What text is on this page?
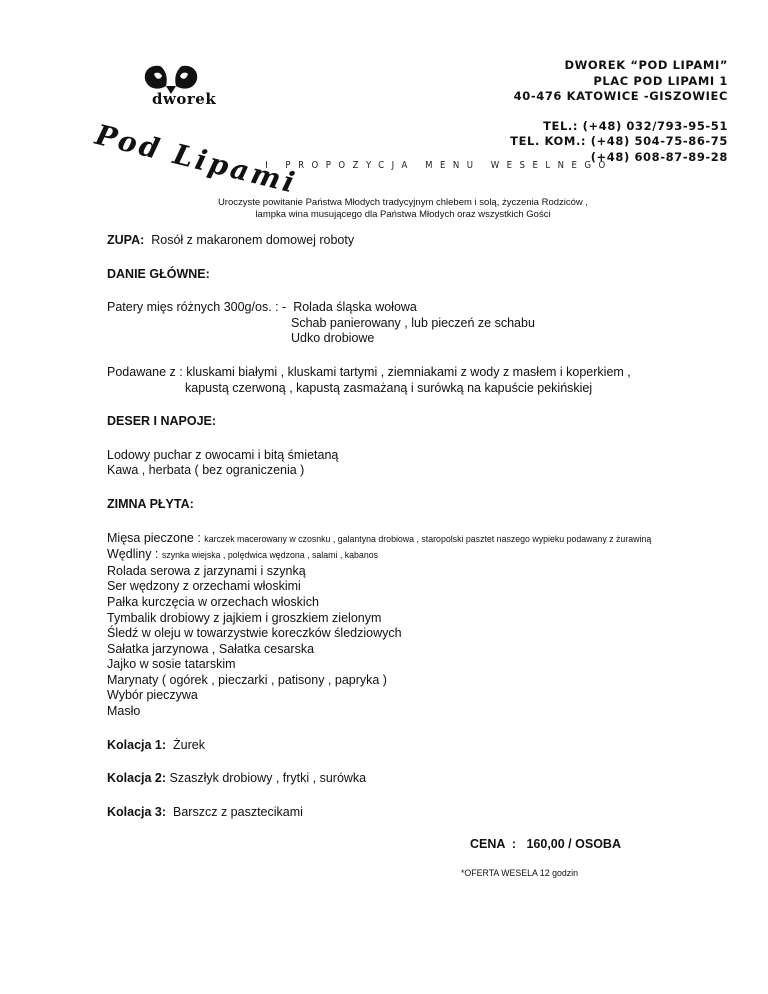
dworek
Pod Lipami
DWOREK “POD LIPAMI”
PLAC POD LIPAMI 1
40-476 KATOWICE -GISZOWIEC
TEL.: (+48) 032/793-95-51
TEL. KOM.: (+48) 504-75-86-75
(+48) 608-87-89-28
I PROPOZYCJA MENU WESELNEGO
Uroczyste powitanie Państwa Młodych tradycyjnym chlebem i solą, życzenia Rodziców ,
lampka wina musującego dla Państwa Młodych oraz wszystkich Gości
ZUPA: Rosół z makaronem domowej roboty
DANIE GŁÓWNE:
Patery mięs różnych 300g/os. : - Rolada śląska wołowa
Schab panierowany , lub pieczeń ze schabu
Udko drobiowe
Podawane z : kluskami białymi , kluskami tartymi , ziemniakami z wody z masłem i koperkiem ,
kapustą czerwoną , kapustą zasmażaną i surówką na kapuście pekińskiej
DESER I NAPOJE:
Lodowy puchar z owocami i bitą śmietaną
Kawa , herbata ( bez ograniczenia )
ZIMNA PŁYTA:
Mięsa pieczone : karczek macerowany w czosnku , galantyna drobiowa , staropolski pasztet naszego wypieku podawany z żurawiną
Wędliny : szynka wiejska , polędwica wędzona , salami , kabanos
Rolada serowa z jarzynami i szynką
Ser wędzony z orzechami włoskimi
Pałka kurczęcia w orzechach włoskich
Tymbalik drobiowy z jajkiem i groszkiem zielonym
Śledź w oleju w towarzystwie koreczków śledziowych
Sałatka jarzynowa , Sałatka cesarska
Jajko w sosie tatarskim
Marynaty ( ogórek , pieczarki , patisony , papryka )
Wybór pieczywa
Masło
Kolacja 1: Żurek
Kolacja 2: Szaszłyk drobiowy , frytki , surówka
Kolacja 3: Barszcz z pasztecikami
CENA  :   160,00 / OSOBA
*OFERTA WESELA 12 godzin
